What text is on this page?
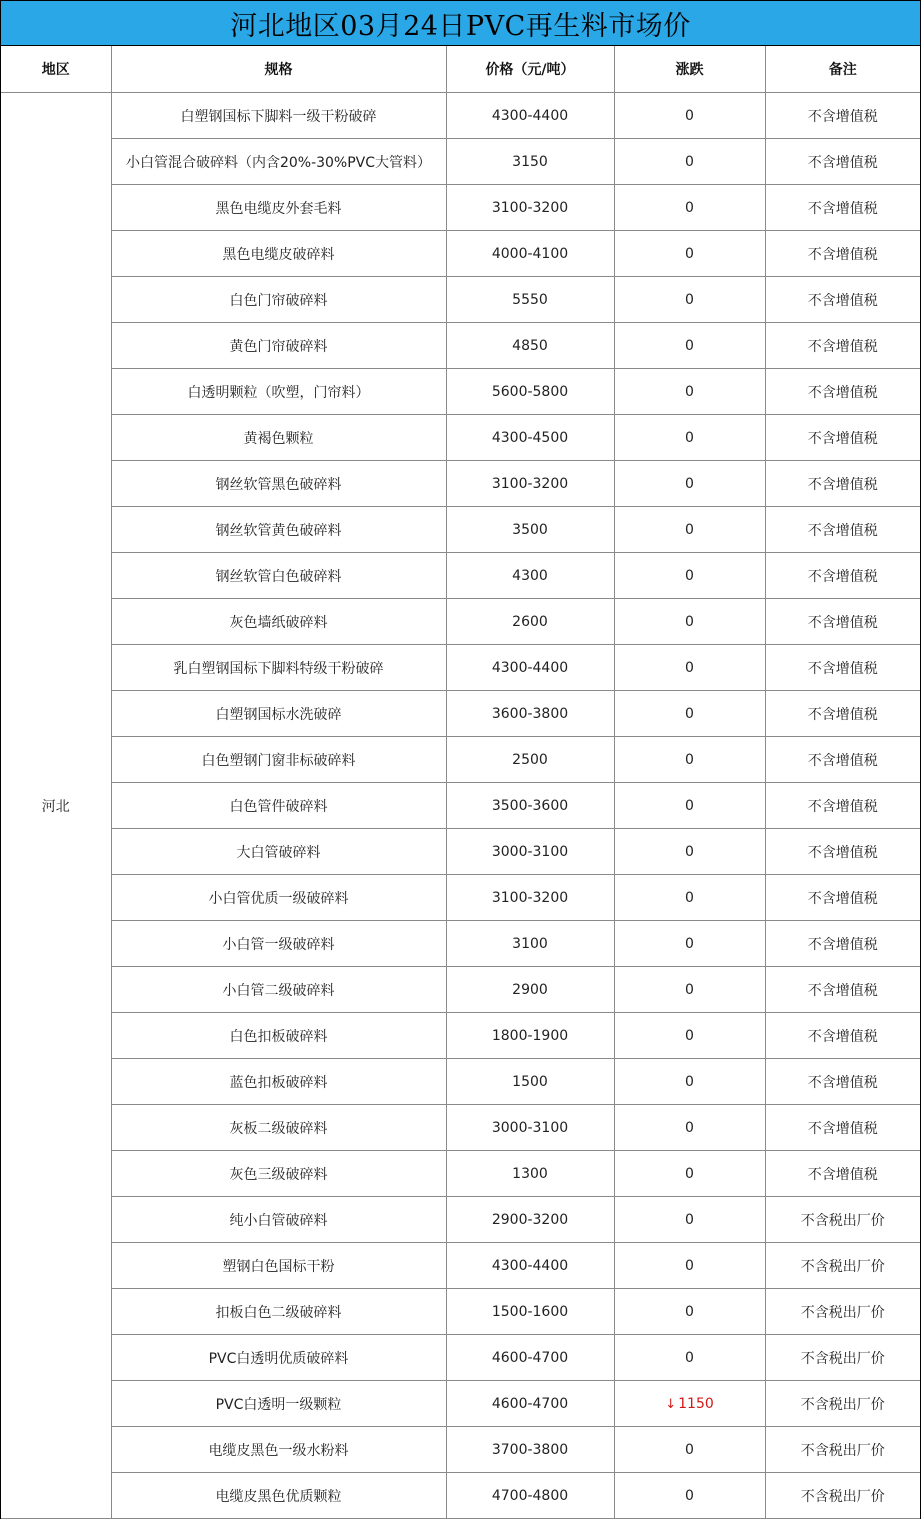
河北地区03月24日PVC再生料市场价
地区	规格	价格（元/吨）	涨跌	备注
河北	白塑钢国标下脚料一级干粉破碎	4300-4400	0	不含增值税
	小白管混合破碎料（内含20%-30%PVC大管料）	3150	0	不含增值税
	黑色电缆皮外套毛料	3100-3200	0	不含增值税
	黑色电缆皮破碎料	4000-4100	0	不含增值税
	白色门帘破碎料	5550	0	不含增值税
	黄色门帘破碎料	4850	0	不含增值税
	白透明颗粒（吹塑，门帘料）	5600-5800	0	不含增值税
	黄褐色颗粒	4300-4500	0	不含增值税
	钢丝软管黑色破碎料	3100-3200	0	不含增值税
	钢丝软管黄色破碎料	3500	0	不含增值税
	钢丝软管白色破碎料	4300	0	不含增值税
	灰色墙纸破碎料	2600	0	不含增值税
	乳白塑钢国标下脚料特级干粉破碎	4300-4400	0	不含增值税
	白塑钢国标水洗破碎	3600-3800	0	不含增值税
	白色塑钢门窗非标破碎料	2500	0	不含增值税
	白色管件破碎料	3500-3600	0	不含增值税
	大白管破碎料	3000-3100	0	不含增值税
	小白管优质一级破碎料	3100-3200	0	不含增值税
	小白管一级破碎料	3100	0	不含增值税
	小白管二级破碎料	2900	0	不含增值税
	白色扣板破碎料	1800-1900	0	不含增值税
	蓝色扣板破碎料	1500	0	不含增值税
	灰板二级破碎料	3000-3100	0	不含增值税
	灰色三级破碎料	1300	0	不含增值税
	纯小白管破碎料	2900-3200	0	不含税出厂价
	塑钢白色国标干粉	4300-4400	0	不含税出厂价
	扣板白色二级破碎料	1500-1600	0	不含税出厂价
	PVC白透明优质破碎料	4600-4700	0	不含税出厂价
	PVC白透明一级颗粒	4600-4700	↓ 1150	不含税出厂价
	电缆皮黑色一级水粉料	3700-3800	0	不含税出厂价
	电缆皮黑色优质颗粒	4700-4800	0	不含税出厂价
